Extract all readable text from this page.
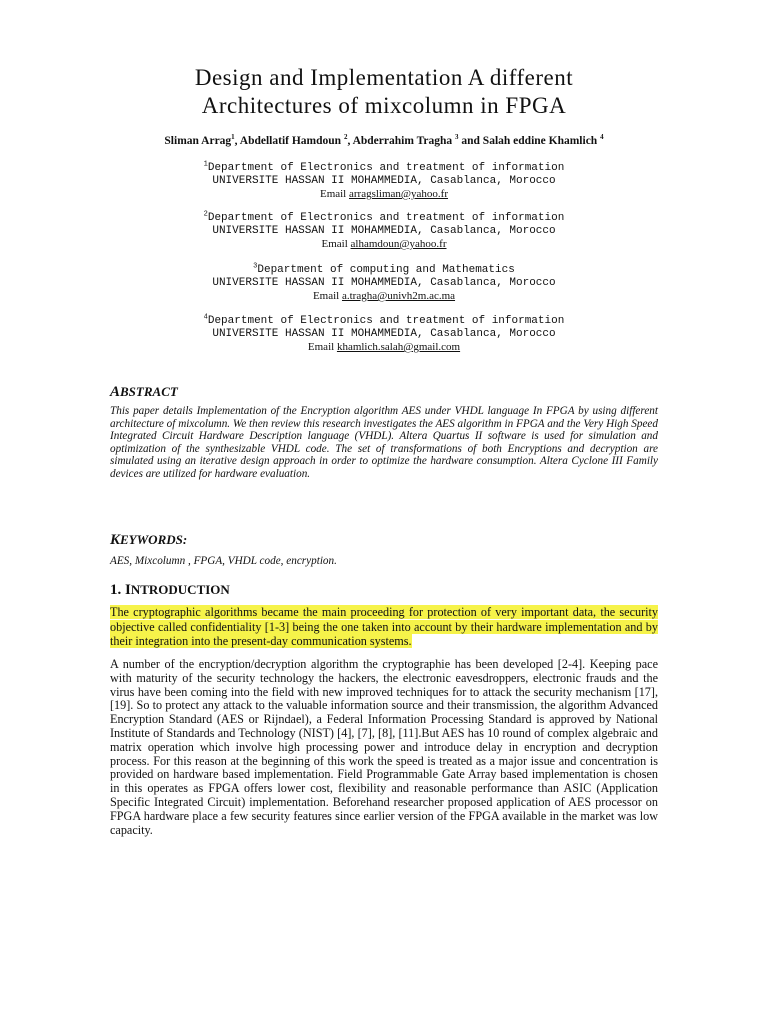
Design and Implementation A different
Architectures of mixcolumn in FPGA
Sliman Arrag$^1$, Abdellatif Hamdoun $^2$, Abderrahim Tragha $^3$ and Salah eddine Khamlich $^4$
$^1$Department of Electronics and treatment of information
UNIVERSITE HASSAN II MOHAMMEDIA, Casablanca, Morocco
Email arragsliman@yahoo.fr
$^2$Department of Electronics and treatment of information
UNIVERSITE HASSAN II MOHAMMEDIA, Casablanca, Morocco
Email alhamdoun@yahoo.fr
$^3$Department of computing and Mathematics
UNIVERSITE HASSAN II MOHAMMEDIA, Casablanca, Morocco
Email a.tragha@univh2m.ac.ma
$^4$Department of Electronics and treatment of information
UNIVERSITE HASSAN II MOHAMMEDIA, Casablanca, Morocco
Email khamlich.salah@gmail.com
ABSTRACT
This paper details Implementation of the Encryption algorithm AES under VHDL language In FPGA by using different architecture of mixcolumn. We then review this research investigates the AES algorithm in FPGA and the Very High Speed Integrated Circuit Hardware Description language (VHDL). Altera Quartus II software is used for simulation and optimization of the synthesizable VHDL code. The set of transformations of both Encryptions and decryption are simulated using an iterative design approach in order to optimize the hardware consumption. Altera Cyclone III Family devices are utilized for hardware evaluation.
KEYWORDS:
AES, Mixcolumn , FPGA, VHDL code, encryption.
1. INTRODUCTION
The cryptographic algorithms became the main proceeding for protection of very important data, the security objective called confidentiality [1-3] being the one taken into account by their hardware implementation and by their integration into the present-day communication systems.
A number of the encryption/decryption algorithm the cryptographie has been developed [2-4]. Keeping pace with maturity of the security technology the hackers, the electronic eavesdroppers, electronic frauds and the virus have been coming into the field with new improved techniques for to attack the security mechanism [17], [19]. So to protect any attack to the valuable information source and their transmission, the algorithm Advanced Encryption Standard (AES or Rijndael), a Federal Information Processing Standard is approved by National Institute of Standards and Technology (NIST) [4], [7], [8], [11].But AES has 10 round of complex algebraic and matrix operation which involve high processing power and introduce delay in encryption and decryption process. For this reason at the beginning of this work the speed is treated as a major issue and concentration is provided on hardware based implementation. Field Programmable Gate Array based implementation is chosen in this operates as FPGA offers lower cost, flexibility and reasonable performance than ASIC (Application Specific Integrated Circuit) implementation. Beforehand researcher proposed application of AES processor on FPGA hardware place a few security features since earlier version of the FPGA available in the market was low capacity.
